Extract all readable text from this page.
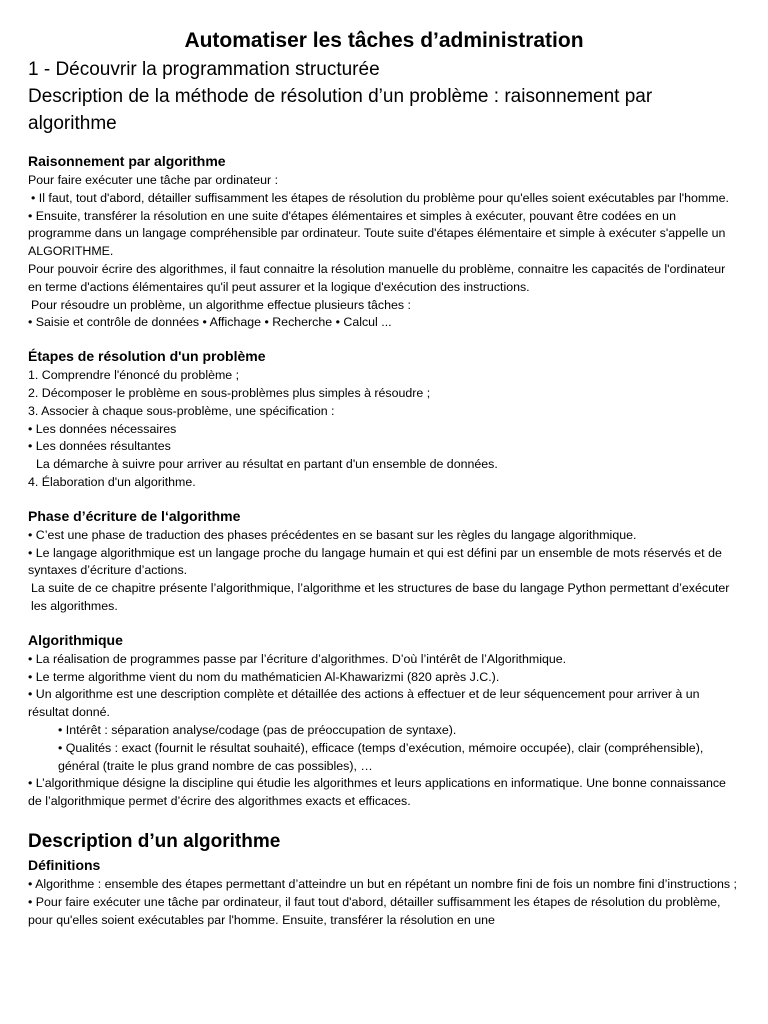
Automatiser les tâches d’administration

1 - Découvrir la programmation structurée

Description de la méthode de résolution d’un problème : raisonnement par algorithme

Raisonnement par algorithme

Pour faire exécuter une tâche par ordinateur :

• Il faut, tout d'abord, détailler suffisamment les étapes de résolution du problème pour qu'elles soient exécutables par l'homme.

• Ensuite, transférer la résolution en une suite d'étapes élémentaires et simples à exécuter, pouvant être codées en un programme dans un langage compréhensible par ordinateur. Toute suite d'étapes élémentaire et simple à exécuter s'appelle un ALGORITHME.

Pour pouvoir écrire des algorithmes, il faut connaitre la résolution manuelle du problème, connaitre les capacités de l'ordinateur en terme d'actions élémentaires qu'il peut assurer et la logique d'exécution des instructions.

Pour résoudre un problème, un algorithme effectue plusieurs tâches :

• Saisie et contrôle de données • Affichage • Recherche • Calcul ...

Étapes de résolution d'un problème

1. Comprendre l'énoncé du problème ;

2. Décomposer le problème en sous-problèmes plus simples à résoudre ;

3. Associer à chaque sous-problème, une spécification :

• Les données nécessaires

• Les données résultantes

La démarche à suivre pour arriver au résultat en partant d'un ensemble de données.

4. Élaboration d'un algorithme.

Phase d’écriture de l‘algorithme

• C’est une phase de traduction des phases précédentes en se basant sur les règles du langage algorithmique.

• Le langage algorithmique est un langage proche du langage humain et qui est défini par un ensemble de mots réservés et de syntaxes d’écriture d’actions.

La suite de ce chapitre présente l’algorithmique, l’algorithme et les structures de base du langage Python permettant d’exécuter les algorithmes.

Algorithmique

• La réalisation de programmes passe par l’écriture d’algorithmes. D’où l’intérêt de l’Algorithmique.

• Le terme algorithme vient du nom du mathématicien Al-Khawarizmi (820 après J.C.).

• Un algorithme est une description complète et détaillée des actions à effectuer et de leur séquencement pour arriver à un résultat donné.

• Intérêt : séparation analyse/codage (pas de préoccupation de syntaxe).

• Qualités : exact (fournit le résultat souhaité), efficace (temps d’exécution, mémoire occupée), clair (compréhensible), général (traite le plus grand nombre de cas possibles), …

• L’algorithmique désigne la discipline qui étudie les algorithmes et leurs applications en informatique. Une bonne connaissance de l’algorithmique permet d’écrire des algorithmes exacts et efficaces.

Description d’un algorithme
Définitions

• Algorithme : ensemble des étapes permettant d’atteindre un but en répétant un nombre fini de fois un nombre fini d’instructions ;

• Pour faire exécuter une tâche par ordinateur, il faut tout d'abord, détailler suffisamment les étapes de résolution du problème, pour qu'elles soient exécutables par l'homme. Ensuite, transférer la résolution en une
